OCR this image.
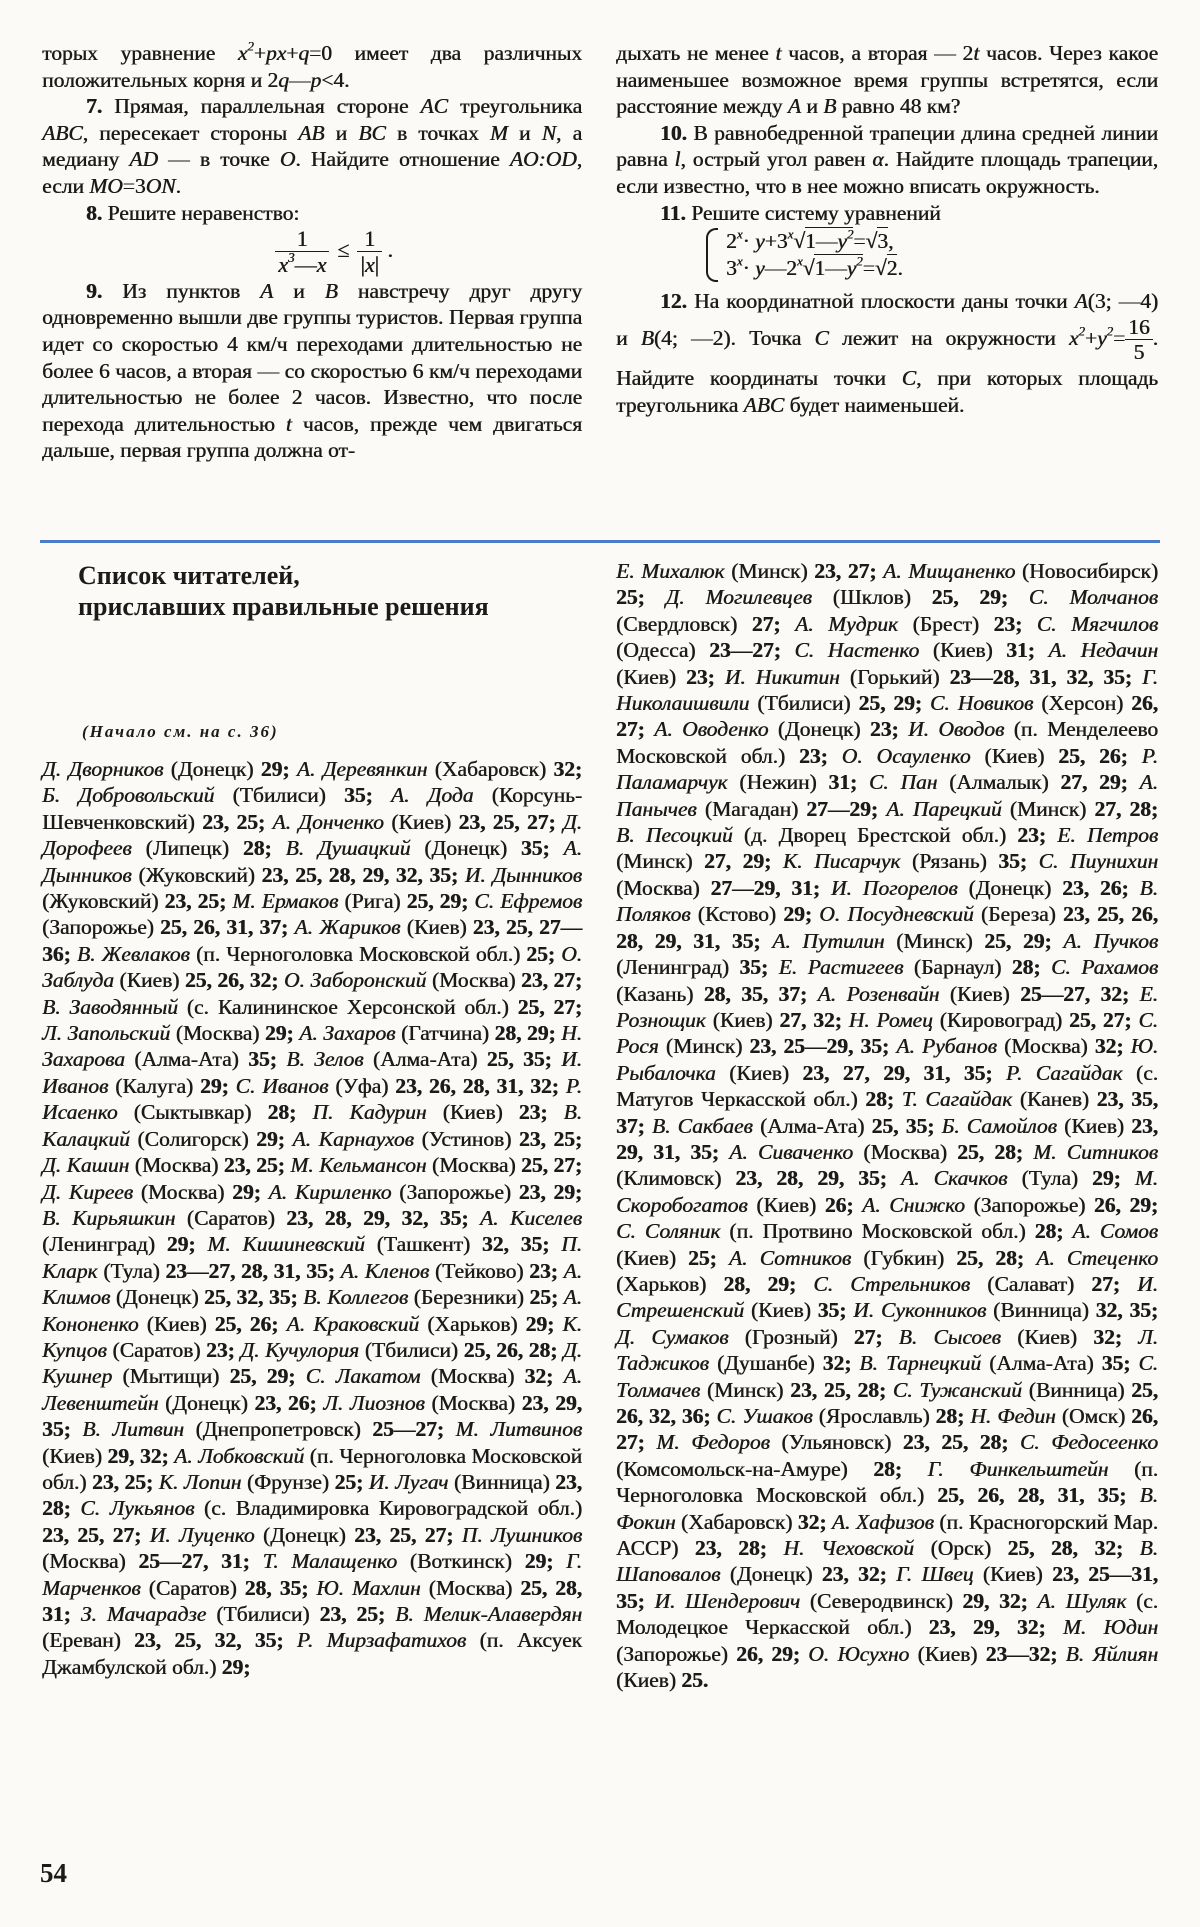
торых уравнение $x^2+px+q=0$ имеет два различных положительных корня и 2q—p<4.

7. Прямая, параллельная стороне AC треугольника ABC, пересекает стороны AB и BC в точках M и N, а медиану AD — в точке O. Найдите отношение AO:OD, если MO=3ON.

8. Решите неравенство:

$\frac{1}{x^3—x} \le \frac{1}{|x|}$ .

9. Из пунктов A и B навстречу друг другу одновременно вышли две группы туристов. Первая группа идет со скоростью 4 км/ч переходами длительностью не более 6 часов, а вторая — со скоростью 6 км/ч переходами длительностью не более 2 часов. Известно, что после перехода длительностью t часов, прежде чем двигаться дальше, первая группа должна от-

дыхать не менее t часов, а вторая — 2t часов. Через какое наименьшее возможное время группы встретятся, если расстояние между A и B равно 48 км?

10. В равнобедренной трапеции длина средней линии равна l, острый угол равен α. Найдите площадь трапеции, если известно, что в нее можно вписать окружность.

11. Решите систему уравнений

$2^x\cdot y+3^x$ √ $1—y^2=$ √ 3,
$3^x\cdot$ $y—2^x$ √ $1—y^2=$ √ 2.

12. На координатной плоскости даны точки A(3; —4) и B(4; —2). Точка C лежит на окружности $x^2+y^2= \frac{16}{5}$ . Найдите координаты точки C, при которых площадь треугольника ABC будет наименьшей.

Список читателей,
приславших правильные решения
(Начало см. на с. 36)
Д. Дворников (Донецк) 29; А. Деревянкин (Хабаровск) 32; Б. Добровольский (Тбилиси) 35; А. Дода (Корсунь-Шевченковский) 23, 25; А. Донченко (Киев) 23, 25, 27; Д. Дорофеев (Липецк) 28; В. Душацкий (Донецк) 35; А. Дынников (Жуковский) 23, 25, 28, 29, 32, 35; И. Дынников (Жуковский) 23, 25; М. Ермаков (Рига) 25, 29; С. Ефремов (Запорожье) 25, 26, 31, 37; А. Жариков (Киев) 23, 25, 27—36; В. Жевлаков (п. Черноголовка Московской обл.) 25; О. Заблуда (Киев) 25, 26, 32; О. Заборонский (Москва) 23, 27; В. Заводянный (с. Калининское Херсонской обл.) 25, 27; Л. Запольский (Москва) 29; А. Захаров (Гатчина) 28, 29; Н. Захарова (Алма-Ата) 35; В. Зелов (Алма-Ата) 25, 35; И. Иванов (Калуга) 29; С. Иванов (Уфа) 23, 26, 28, 31, 32; Р. Исаенко (Сыктывкар) 28; П. Кадурин (Киев) 23; В. Калацкий (Солигорск) 29; А. Карнаухов (Устинов) 23, 25; Д. Кашин (Москва) 23, 25; М. Кельмансон (Москва) 25, 27; Д. Киреев (Москва) 29; А. Кириленко (Запорожье) 23, 29; В. Кирьяшкин (Саратов) 23, 28, 29, 32, 35; А. Киселев (Ленинград) 29; М. Кишиневский (Ташкент) 32, 35; П. Кларк (Тула) 23—27, 28, 31, 35; А. Кленов (Тейково) 23; А. Климов (Донецк) 25, 32, 35; В. Коллегов (Березники) 25; А. Кононенко (Киев) 25, 26; А. Краковский (Харьков) 29; К. Купцов (Саратов) 23; Д. Кучулория (Тбилиси) 25, 26, 28; Д. Кушнер (Мытищи) 25, 29; С. Лакатом (Москва) 32; А. Левенштейн (Донецк) 23, 26; Л. Лиознов (Москва) 23, 29, 35; В. Литвин (Днепропетровск) 25—27; М. Литвинов (Киев) 29, 32; А. Лобковский (п. Черноголовка Московской обл.) 23, 25; К. Лопин (Фрунзе) 25; И. Лугач (Винница) 23, 28; С. Лукьянов (с. Владимировка Кировоградской обл.) 23, 25, 27; И. Луценко (Донецк) 23, 25, 27; П. Лушников (Москва) 25—27, 31; Т. Малащенко (Воткинск) 29; Г. Марченков (Саратов) 28, 35; Ю. Махлин (Москва) 25, 28, 31; З. Мачарадзе (Тбилиси) 23, 25; В. Мелик-Алавердян (Ереван) 23, 25, 32, 35; Р. Мирзафатихов (п. Аксуек Джамбулской обл.) 29;
Е. Михалюк (Минск) 23, 27; А. Мищаненко (Новосибирск) 25; Д. Могилевцев (Шклов) 25, 29; С. Молчанов (Свердловск) 27; А. Мудрик (Брест) 23; С. Мягчилов (Одесса) 23—27; С. Настенко (Киев) 31; А. Недачин (Киев) 23; И. Никитин (Горький) 23—28, 31, 32, 35; Г. Николаишвили (Тбилиси) 25, 29; С. Новиков (Херсон) 26, 27; А. Оводенко (Донецк) 23; И. Оводов (п. Менделеево Московской обл.) 23; О. Осауленко (Киев) 25, 26; Р. Паламарчук (Нежин) 31; С. Пан (Алмалык) 27, 29; А. Панычев (Магадан) 27—29; А. Парецкий (Минск) 27, 28; В. Песоцкий (д. Дворец Брестской обл.) 23; Е. Петров (Минск) 27, 29; К. Писарчук (Рязань) 35; С. Пиунихин (Москва) 27—29, 31; И. Погорелов (Донецк) 23, 26; В. Поляков (Кстово) 29; О. Посудневский (Береза) 23, 25, 26, 28, 29, 31, 35; А. Путилин (Минск) 25, 29; А. Пучков (Ленинград) 35; Е. Растигеев (Барнаул) 28; С. Рахамов (Казань) 28, 35, 37; А. Розенвайн (Киев) 25—27, 32; Е. Рознощик (Киев) 27, 32; Н. Ромец (Кировоград) 25, 27; С. Рося (Минск) 23, 25—29, 35; А. Рубанов (Москва) 32; Ю. Рыбалочка (Киев) 23, 27, 29, 31, 35; Р. Сагайдак (с. Матугов Черкасской обл.) 28; Т. Сагайдак (Канев) 23, 35, 37; В. Сакбаев (Алма-Ата) 25, 35; Б. Самойлов (Киев) 23, 29, 31, 35; А. Сиваченко (Москва) 25, 28; М. Ситников (Климовск) 23, 28, 29, 35; А. Скачков (Тула) 29; М. Скоробогатов (Киев) 26; А. Снижко (Запорожье) 26, 29; С. Соляник (п. Протвино Московской обл.) 28; А. Сомов (Киев) 25; А. Сотников (Губкин) 25, 28; А. Стеценко (Харьков) 28, 29; С. Стрельников (Салават) 27; И. Стрешенский (Киев) 35; И. Суконников (Винница) 32, 35; Д. Сумаков (Грозный) 27; В. Сысоев (Киев) 32; Л. Таджиков (Душанбе) 32; В. Тарнецкий (Алма-Ата) 35; С. Толмачев (Минск) 23, 25, 28; С. Тужанский (Винница) 25, 26, 32, 36; С. Ушаков (Ярославль) 28; Н. Федин (Омск) 26, 27; М. Федоров (Ульяновск) 23, 25, 28; С. Федосеенко (Комсомольск-на-Амуре) 28; Г. Финкельштейн (п. Черноголовка Московской обл.) 25, 26, 28, 31, 35; В. Фокин (Хабаровск) 32; А. Хафизов (п. Красногорский Мар. АССР) 23, 28; Н. Чеховской (Орск) 25, 28, 32; В. Шаповалов (Донецк) 23, 32; Г. Швец (Киев) 23, 25—31, 35; И. Шендерович (Северодвинск) 29, 32; А. Шуляк (с. Молодецкое Черкасской обл.) 23, 29, 32; М. Юдин (Запорожье) 26, 29; О. Юсухно (Киев) 23—32; В. Яйлиян (Киев) 25.
54
